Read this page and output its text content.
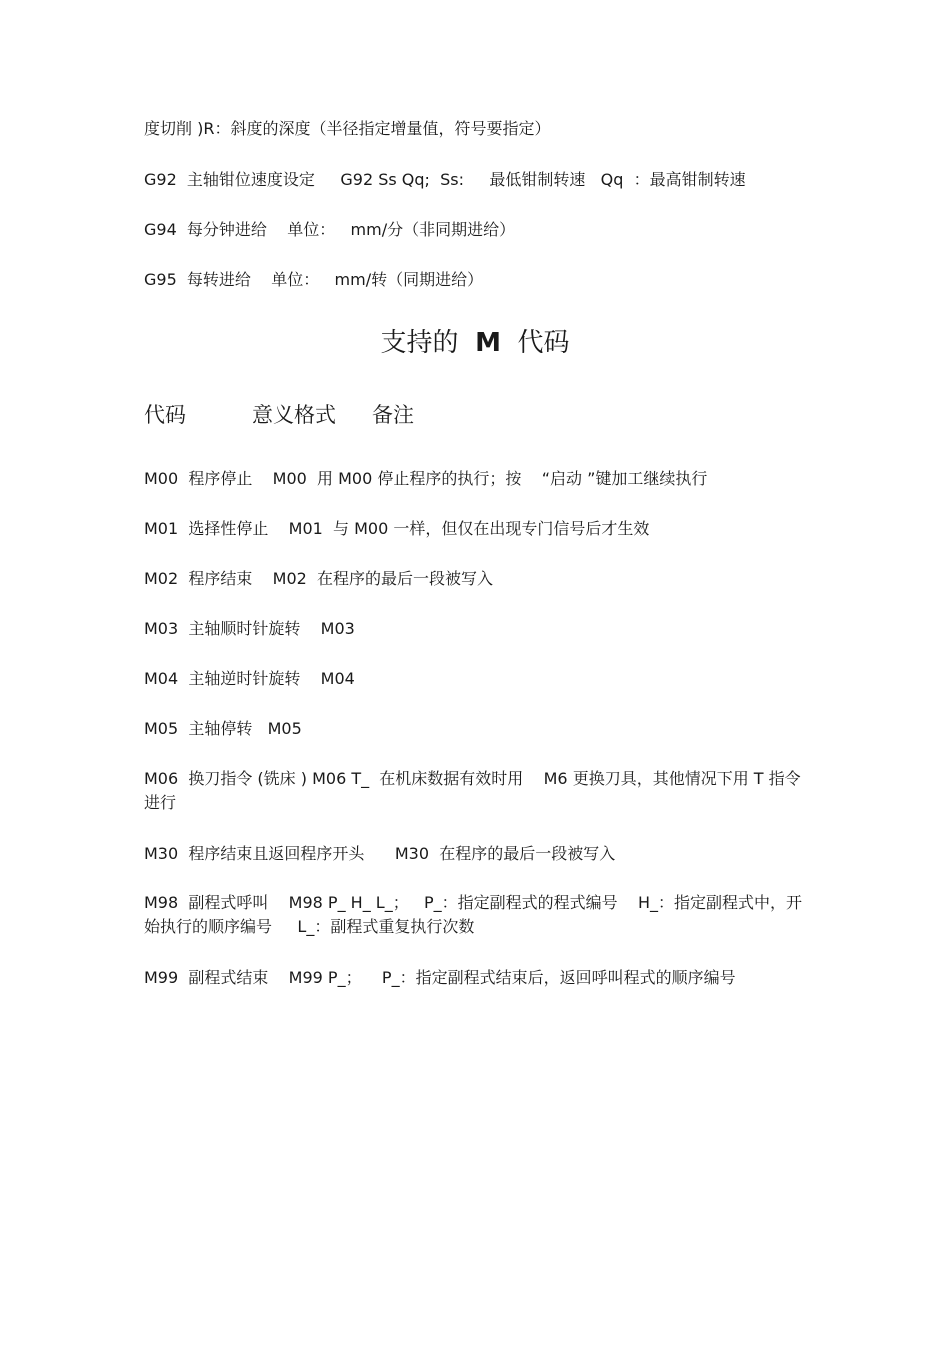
度切削 )R：斜度的深度（半径指定增量值，符号要指定）
G92  主轴钳位速度设定     G92 Ss Qq;  Ss:     最低钳制转速   Qq  ：最高钳制转速
G94  每分钟进给    单位：   mm/分（非同期进给）
G95  每转进给    单位：   mm/转（同期进给）
支持的  M  代码
代码	意义格式 备注
M00  程序停止    M00  用 M00 停止程序的执行；按    “启动 ”键加工继续执行
M01  选择性停止    M01  与 M00 一样，但仅在出现专门信号后才生效
M02  程序结束    M02  在程序的最后一段被写入
M03  主轴顺时针旋转    M03
M04  主轴逆时针旋转    M04
M05  主轴停转   M05
M06  换刀指令 (铣床 ) M06 T_  在机床数据有效时用    M6 更换刀具，其他情况下用 T 指令进行
M30  程序结束且返回程序开头      M30  在程序的最后一段被写入
M98  副程式呼叫    M98 P_ H_ L_；   P_：指定副程式的程式编号    H_：指定副程式中，开始执行的顺序编号     L_：副程式重复执行次数
M99  副程式结束    M99 P_；    P_：指定副程式结束后，返回呼叫程式的顺序编号
